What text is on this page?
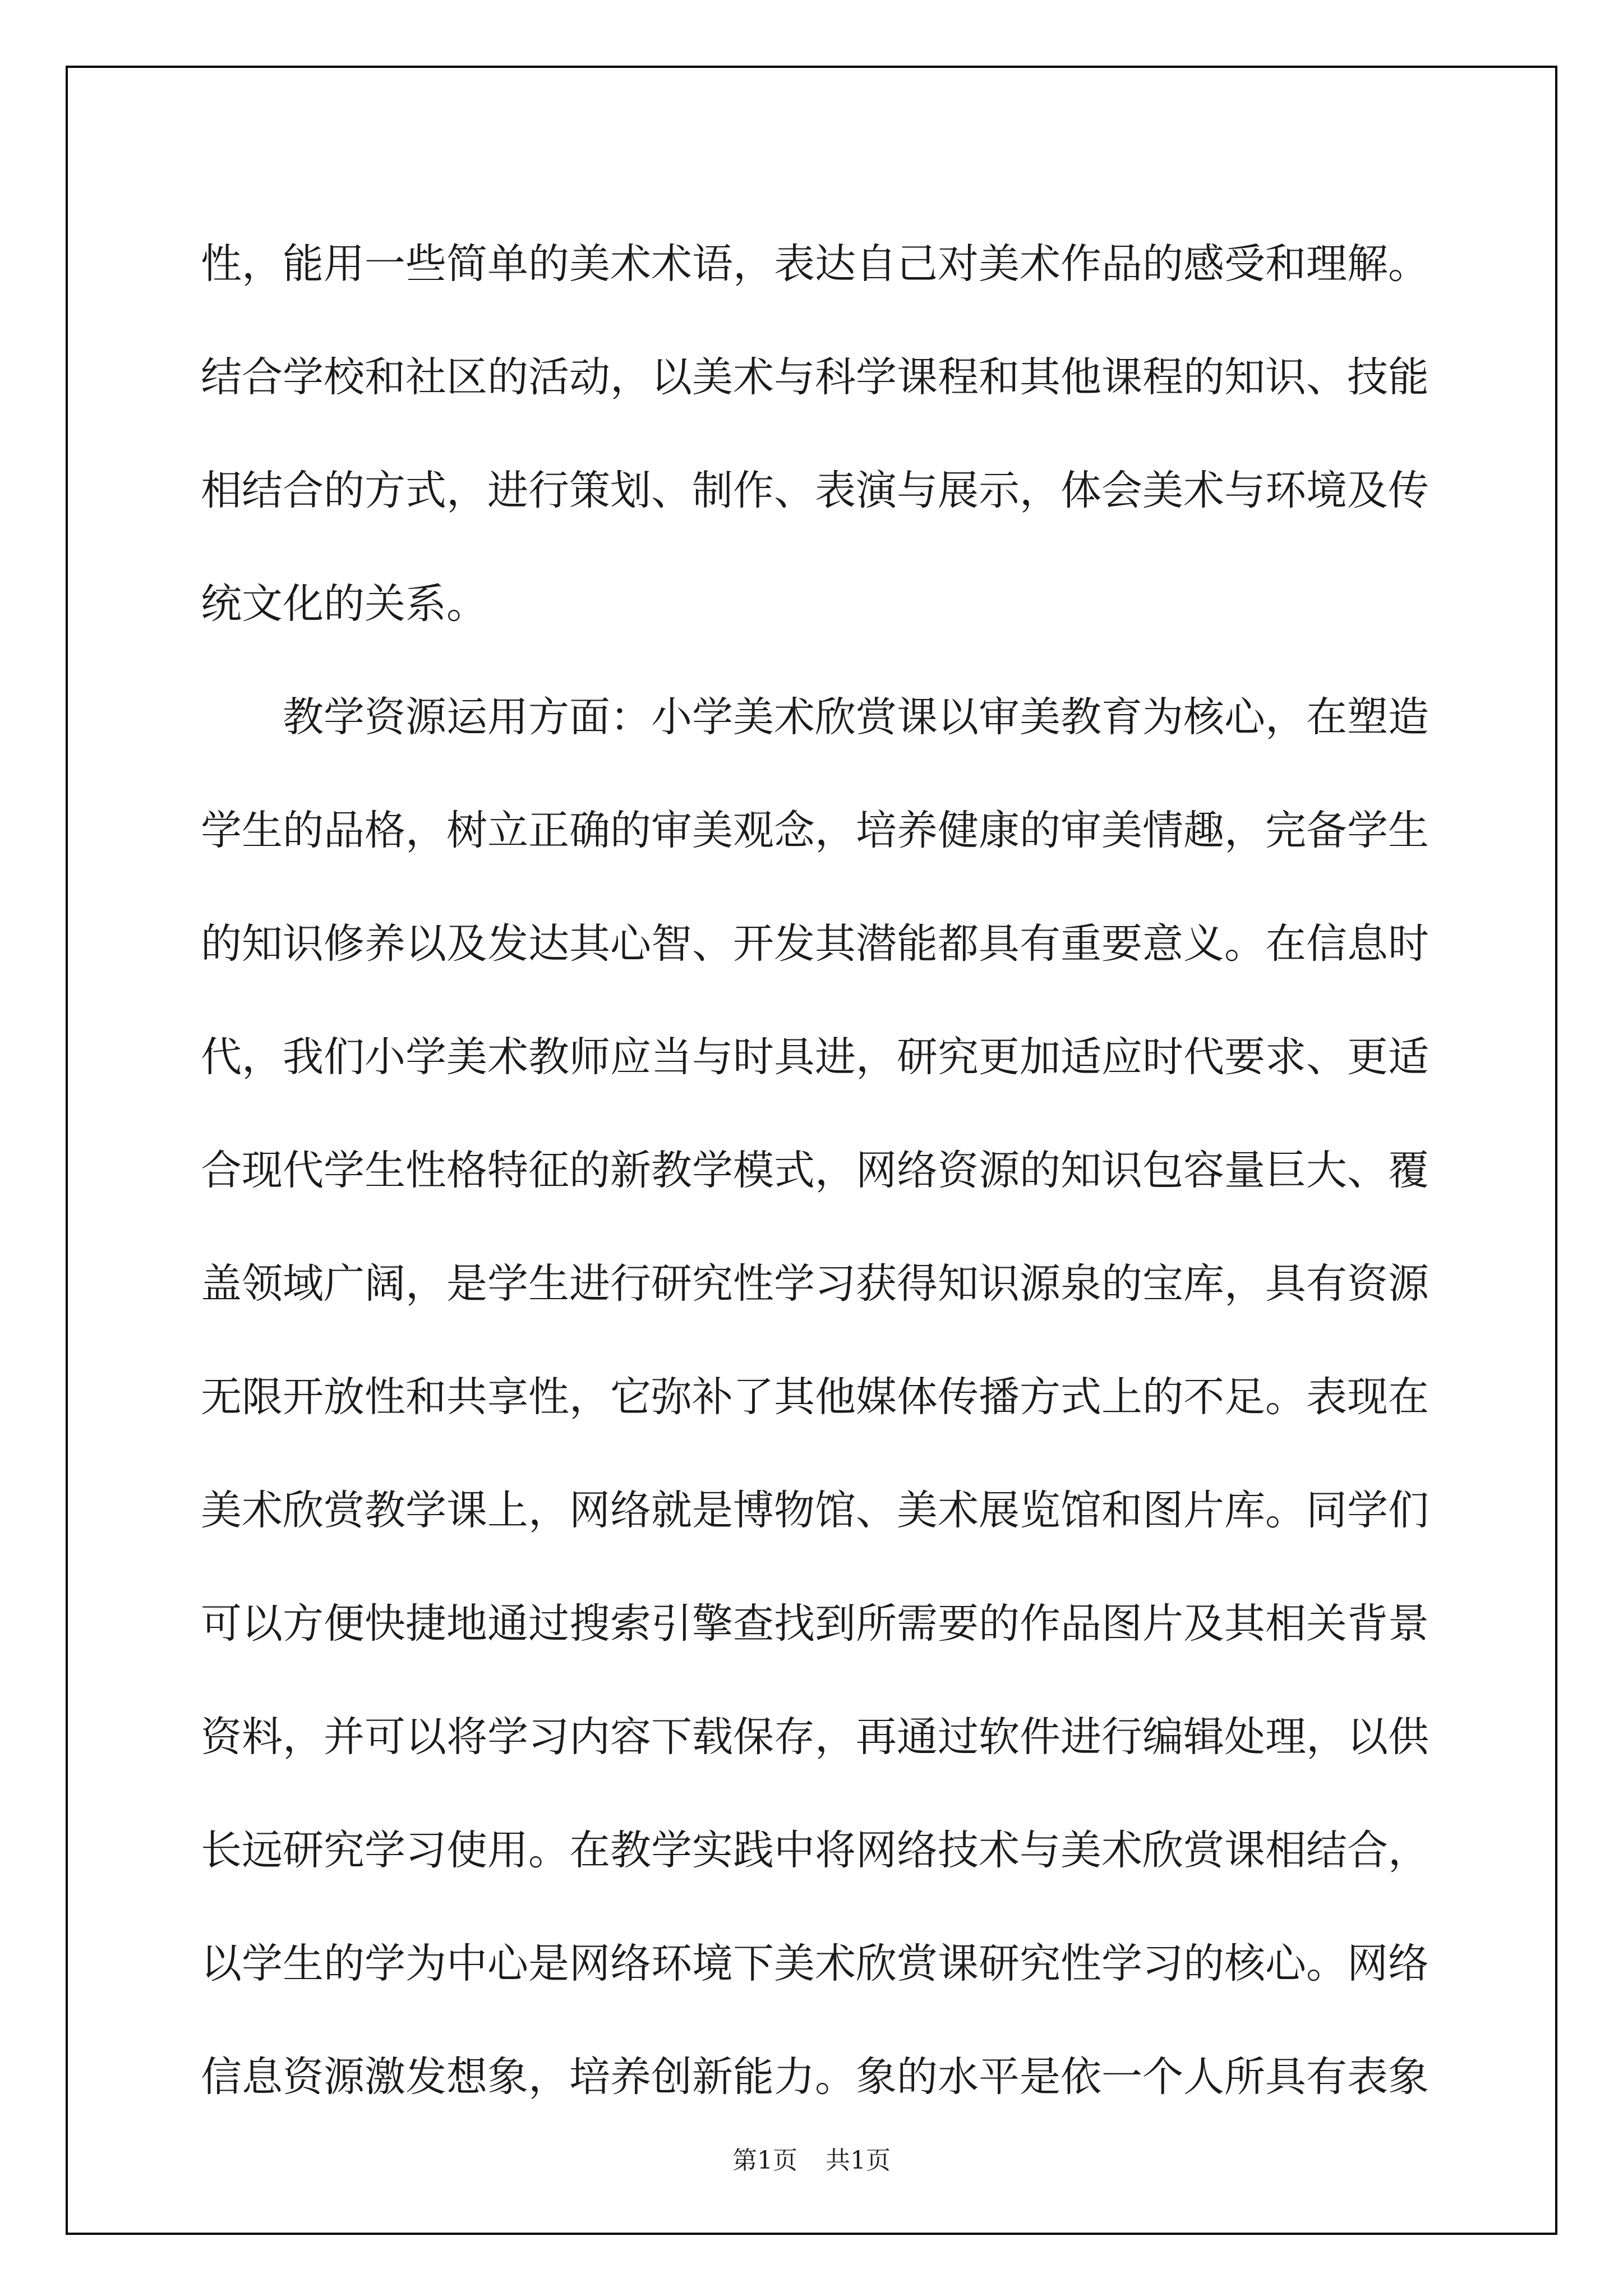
性，能用一些简单的美术术语，表达自己对美术作品的感受和理解。
结合学校和社区的活动，以美术与科学课程和其他课程的知识、技能
相结合的方式，进行策划、制作、表演与展示，体会美术与环境及传
统文化的关系。
教学资源运用方面：小学美术欣赏课以审美教育为核心，在塑造
学生的品格，树立正确的审美观念，培养健康的审美情趣，完备学生
的知识修养以及发达其心智、开发其潜能都具有重要意义。在信息时
代，我们小学美术教师应当与时具进，研究更加适应时代要求、更适
合现代学生性格特征的新教学模式，网络资源的知识包容量巨大、覆
盖领域广阔，是学生进行研究性学习获得知识源泉的宝库，具有资源
无限开放性和共享性，它弥补了其他媒体传播方式上的不足。表现在
美术欣赏教学课上，网络就是博物馆、美术展览馆和图片库。同学们
可以方便快捷地通过搜索引擎查找到所需要的作品图片及其相关背景
资料，并可以将学习内容下载保存，再通过软件进行编辑处理，以供
长远研究学习使用。在教学实践中将网络技术与美术欣赏课相结合，
以学生的学为中心是网络环境下美术欣赏课研究性学习的核心。网络
信息资源激发想象，培养创新能力。象的水平是依一个人所具有表象
第1页 共1页
